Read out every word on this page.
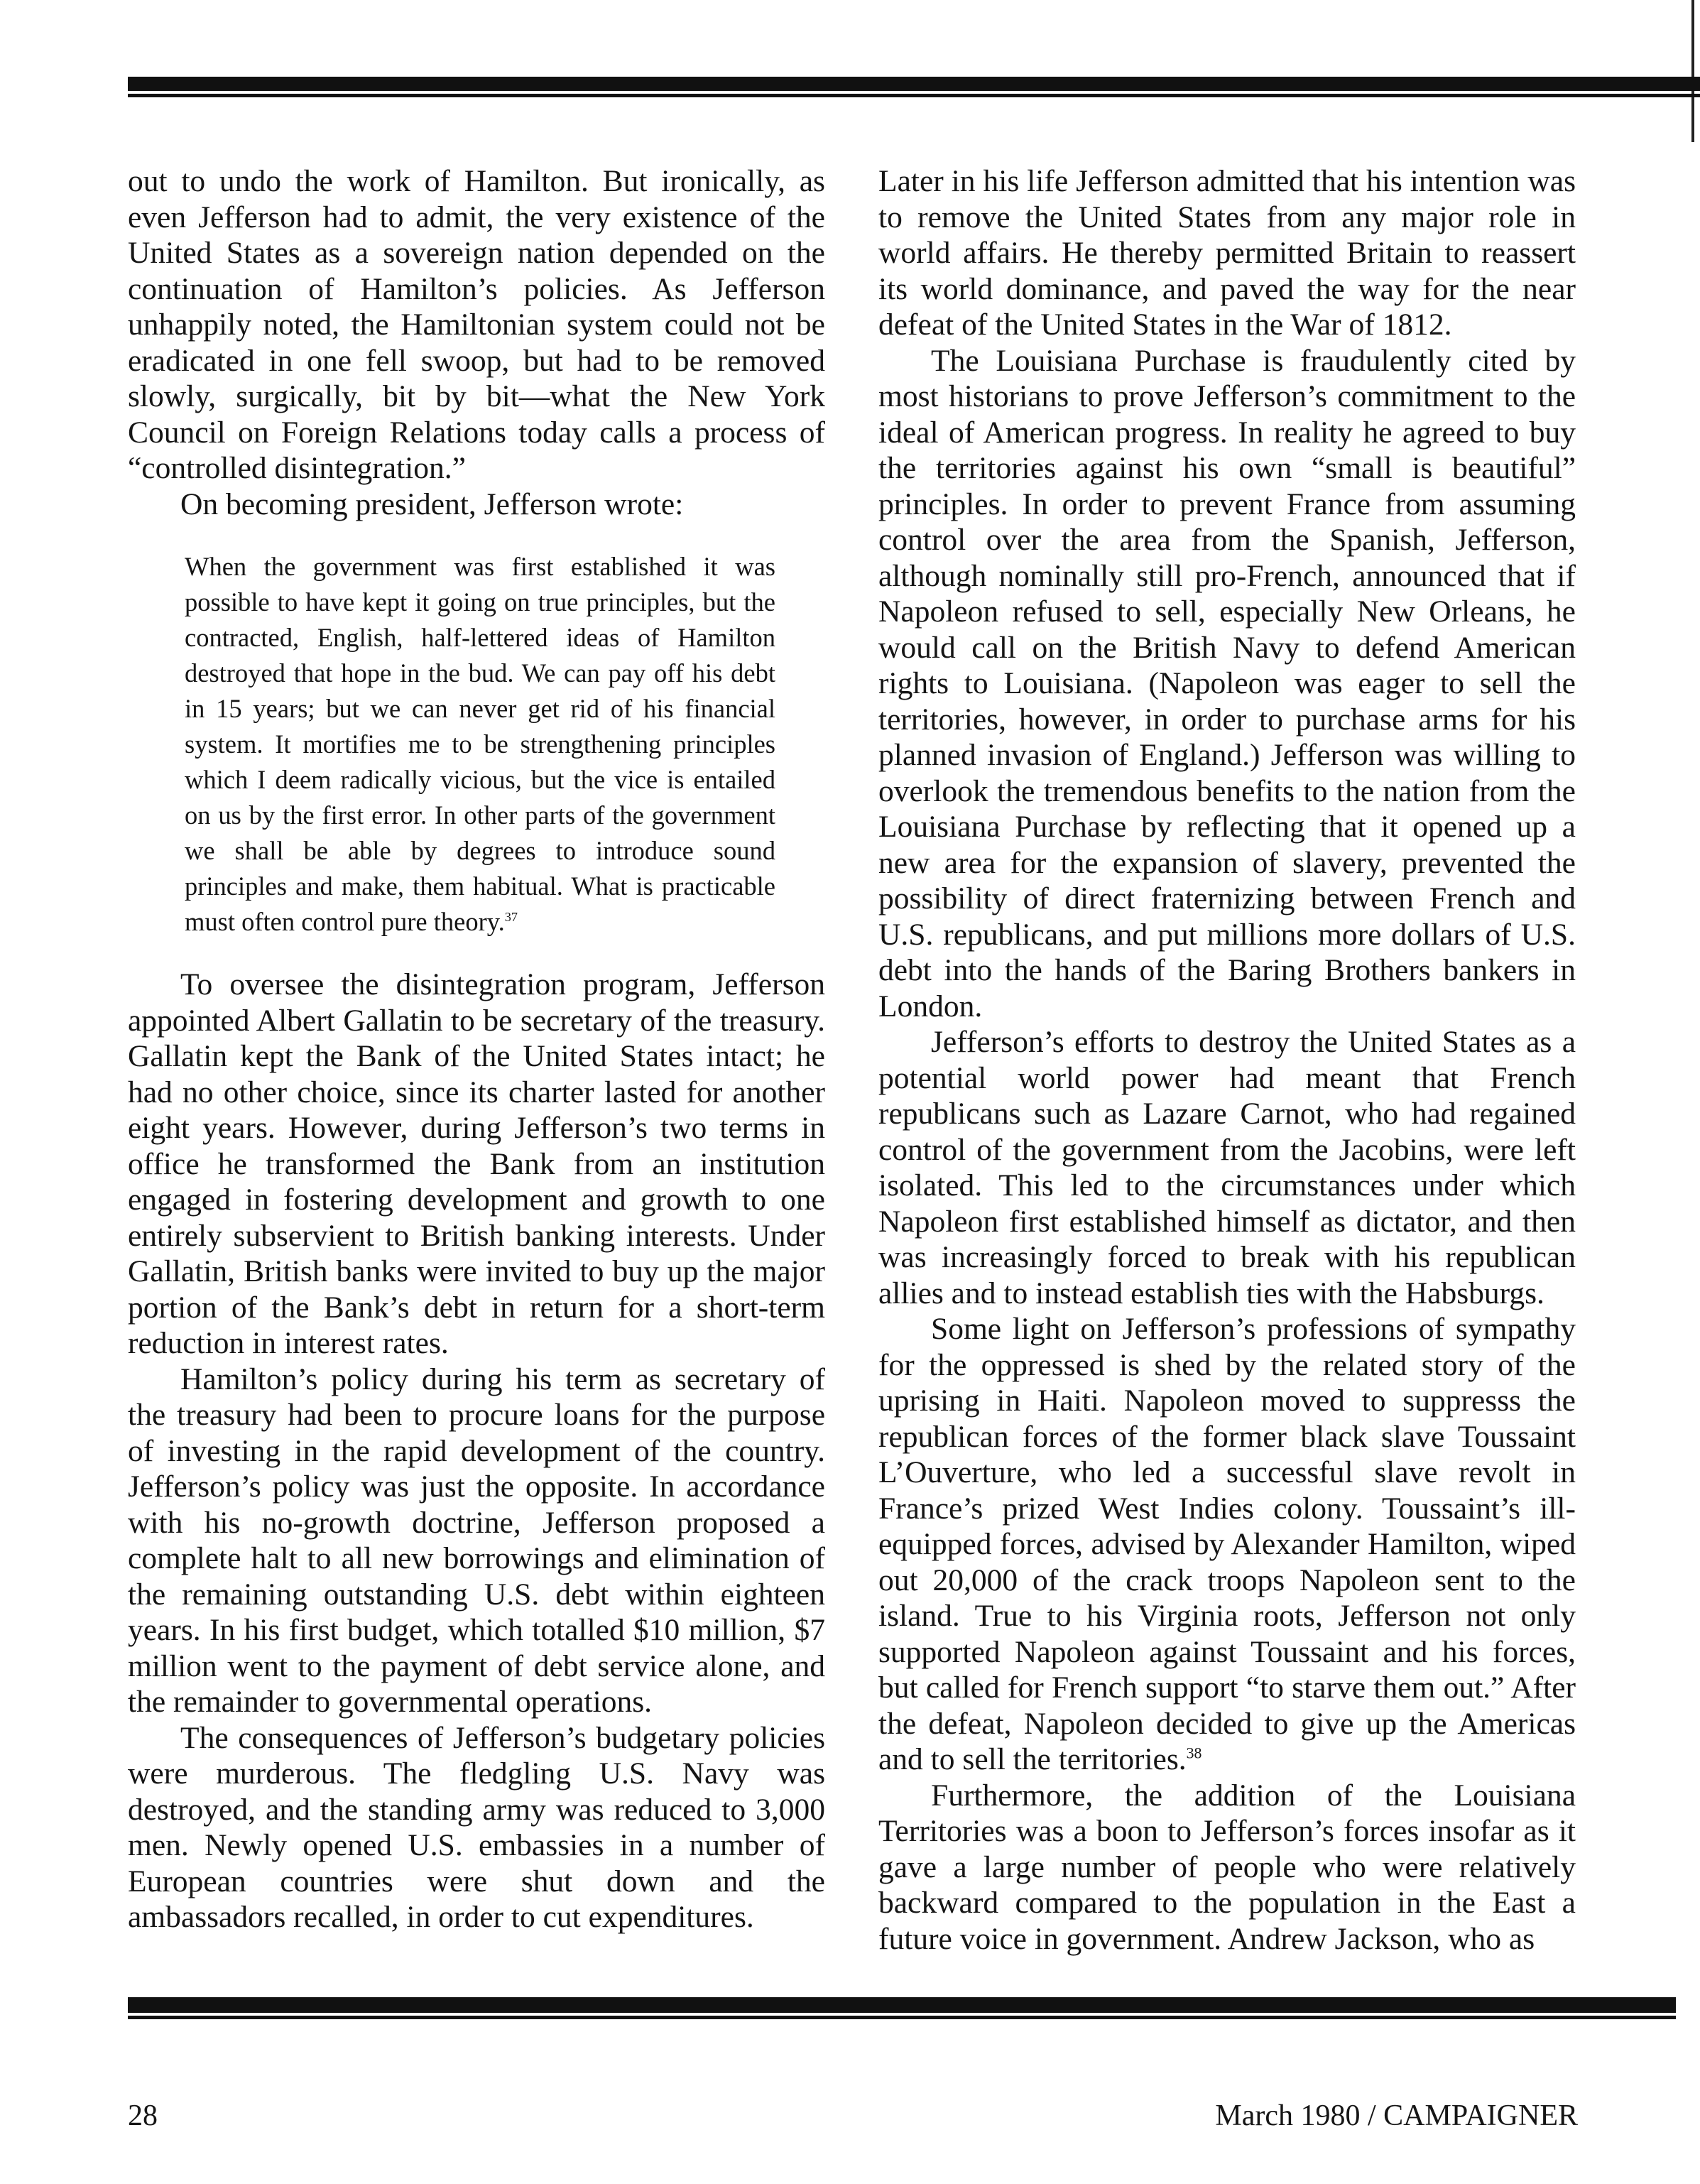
out to undo the work of Hamilton. But ironically, as even Jefferson had to admit, the very existence of the United States as a sovereign nation depended on the continuation of Hamilton’s policies. As Jefferson unhappily noted, the Hamiltonian system could not be eradicated in one fell swoop, but had to be removed slowly, surgically, bit by bit—what the New York Council on Foreign Relations today calls a process of “controlled disintegration.”

On becoming president, Jefferson wrote:

When the government was first established it was possible to have kept it going on true principles, but the contracted, English, half-lettered ideas of Hamilton destroyed that hope in the bud. We can pay off his debt in 15 years; but we can never get rid of his financial system. It mortifies me to be strengthening principles which I deem radically vicious, but the vice is entailed on us by the first error. In other parts of the government we shall be able by degrees to introduce sound principles and make, them habitual. What is practicable must often control pure theory.$^{37}$

To oversee the disintegration program, Jefferson appointed Albert Gallatin to be secretary of the treasury. Gallatin kept the Bank of the United States intact; he had no other choice, since its charter lasted for another eight years. However, during Jefferson’s two terms in office he transformed the Bank from an institution engaged in fostering development and growth to one entirely subservient to British banking interests. Under Gallatin, British banks were invited to buy up the major portion of the Bank’s debt in return for a short-term reduction in interest rates.

Hamilton’s policy during his term as secretary of the treasury had been to procure loans for the purpose of investing in the rapid development of the country. Jefferson’s policy was just the opposite. In accordance with his no-growth doctrine, Jefferson proposed a complete halt to all new borrowings and elimination of the remaining outstanding U.S. debt within eighteen years. In his first budget, which totalled $10 million, $7 million went to the payment of debt service alone, and the remainder to governmental operations.

The consequences of Jefferson’s budgetary policies were murderous. The fledgling U.S. Navy was destroyed, and the standing army was reduced to 3,000 men. Newly opened U.S. embassies in a number of European countries were shut down and the ambassadors recalled, in order to cut expenditures.

Later in his life Jefferson admitted that his intention was to remove the United States from any major role in world affairs. He thereby permitted Britain to reassert its world dominance, and paved the way for the near defeat of the United States in the War of 1812.

The Louisiana Purchase is fraudulently cited by most historians to prove Jefferson’s commitment to the ideal of American progress. In reality he agreed to buy the territories against his own “small is beautiful” principles. In order to prevent France from assuming control over the area from the Spanish, Jefferson, although nominally still pro-French, announced that if Napoleon refused to sell, especially New Orleans, he would call on the British Navy to defend American rights to Louisiana. (Napoleon was eager to sell the territories, however, in order to purchase arms for his planned invasion of England.) Jefferson was willing to overlook the tremendous benefits to the nation from the Louisiana Purchase by reflecting that it opened up a new area for the expansion of slavery, prevented the possibility of direct fraternizing between French and U.S. republicans, and put millions more dollars of U.S. debt into the hands of the Baring Brothers bankers in London.

Jefferson’s efforts to destroy the United States as a potential world power had meant that French republicans such as Lazare Carnot, who had regained control of the government from the Jacobins, were left isolated. This led to the circumstances under which Napoleon first established himself as dictator, and then was increasingly forced to break with his republican allies and to instead establish ties with the Habsburgs.

Some light on Jefferson’s professions of sympathy for the oppressed is shed by the related story of the uprising in Haiti. Napoleon moved to suppresss the republican forces of the former black slave Toussaint L’Ouverture, who led a successful slave revolt in France’s prized West Indies colony. Toussaint’s ill-equipped forces, advised by Alexander Hamilton, wiped out 20,000 of the crack troops Napoleon sent to the island. True to his Virginia roots, Jefferson not only supported Napoleon against Toussaint and his forces, but called for French support “to starve them out.” After the defeat, Napoleon decided to give up the Americas and to sell the territories.$^{38}$

Furthermore, the addition of the Louisiana Territories was a boon to Jefferson’s forces insofar as it gave a large number of people who were relatively backward compared to the population in the East a future voice in government. Andrew Jackson, who as

28	March 1980 / CAMPAIGNER
